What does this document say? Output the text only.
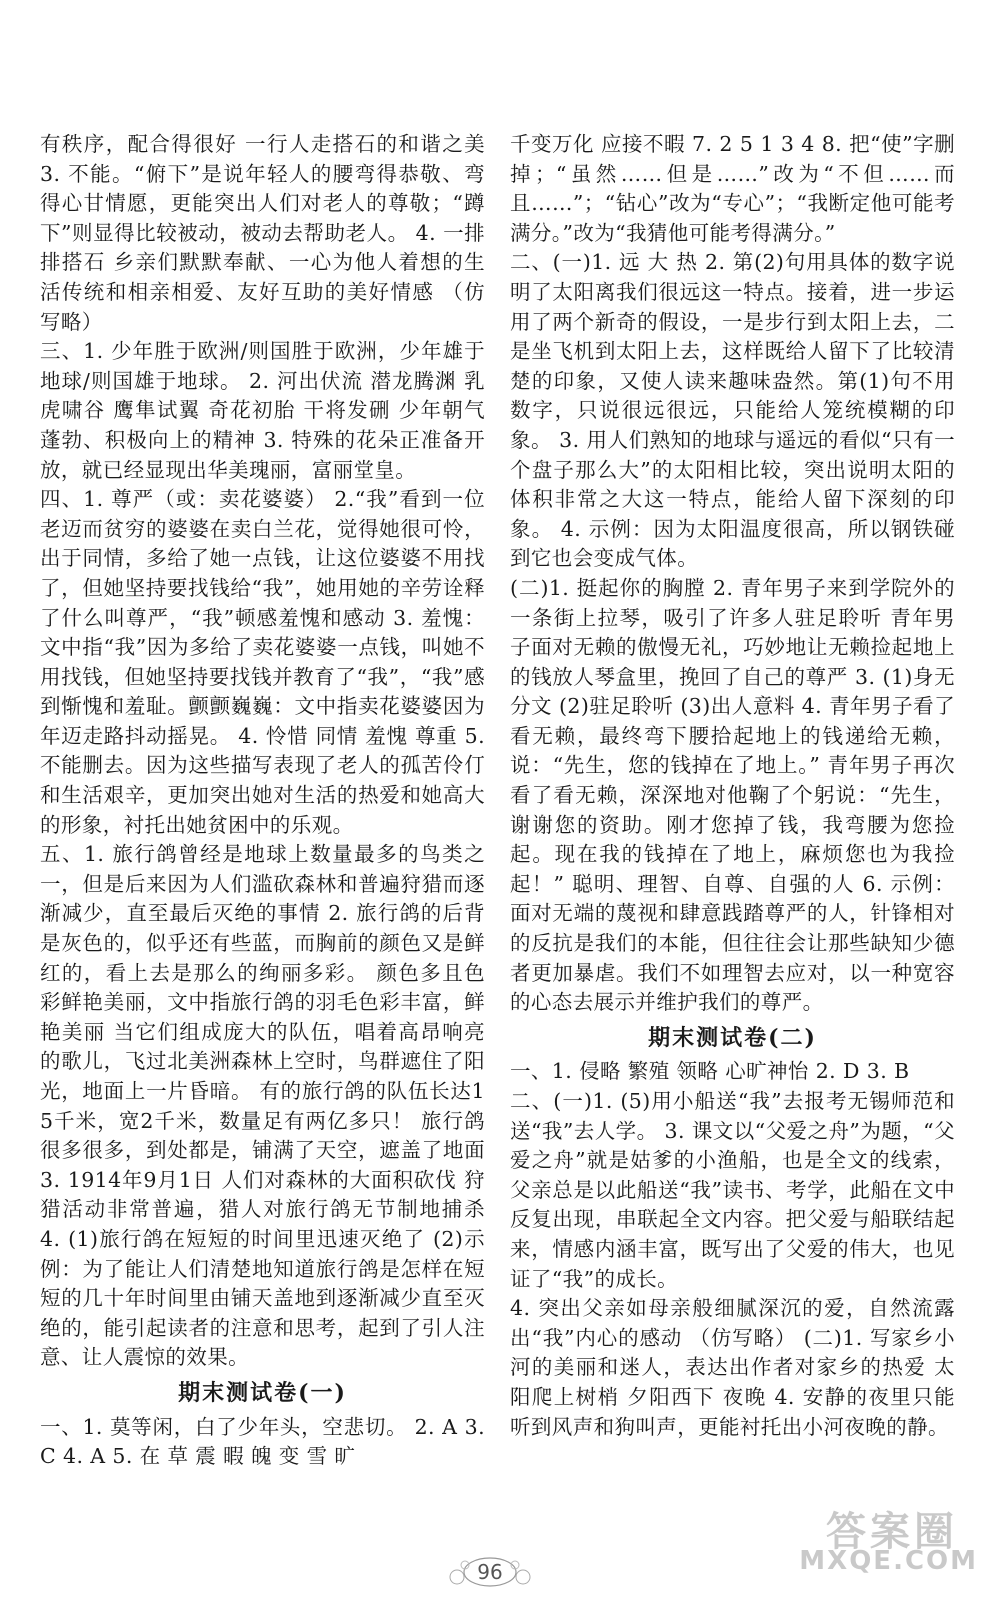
有秩序，配合得很好 一行人走搭石的和谐之美 3. 不能。“俯下”是说年轻人的腰弯得恭敬、弯得心甘情愿，更能突出人们对老人的尊敬；“蹲下”则显得比较被动，被动去帮助老人。 4. 一排排搭石 乡亲们默默奉献、一心为他人着想的生活传统和相亲相爱、友好互助的美好情感 （仿写略）

三、1. 少年胜于欧洲/则国胜于欧洲，少年雄于地球/则国雄于地球。 2. 河出伏流 潜龙腾渊 乳虎啸谷 鹰隼试翼 奇花初胎 干将发硎 少年朝气蓬勃、积极向上的精神 3. 特殊的花朵正准备开放，就已经显现出华美瑰丽，富丽堂皇。

四、1. 尊严（或：卖花婆婆） 2.“我”看到一位老迈而贫穷的婆婆在卖白兰花，觉得她很可怜，出于同情，多给了她一点钱，让这位婆婆不用找了，但她坚持要找钱给“我”，她用她的辛劳诠释了什么叫尊严，“我”顿感羞愧和感动 3. 羞愧：文中指“我”因为多给了卖花婆婆一点钱，叫她不用找钱，但她坚持要找钱并教育了“我”，“我”感到惭愧和羞耻。颤颤巍巍：文中指卖花婆婆因为年迈走路抖动摇晃。 4. 怜惜 同情 羞愧 尊重 5. 不能删去。因为这些描写表现了老人的孤苦伶仃和生活艰辛，更加突出她对生活的热爱和她高大的形象，衬托出她贫困中的乐观。

五、1. 旅行鸽曾经是地球上数量最多的鸟类之一，但是后来因为人们滥砍森林和普遍狩猎而逐渐减少，直至最后灭绝的事情 2. 旅行鸽的后背是灰色的，似乎还有些蓝，而胸前的颜色又是鲜红的，看上去是那么的绚丽多彩。 颜色多且色彩鲜艳美丽，文中指旅行鸽的羽毛色彩丰富，鲜艳美丽 当它们组成庞大的队伍，唱着高昂响亮的歌儿，飞过北美洲森林上空时，鸟群遮住了阳光，地面上一片昏暗。 有的旅行鸽的队伍长达15千米，宽2千米，数量足有两亿多只！ 旅行鸽很多很多，到处都是，铺满了天空，遮盖了地面 3. 1914年9月1日 人们对森林的大面积砍伐 狩猎活动非常普遍，猎人对旅行鸽无节制地捕杀 4. (1)旅行鸽在短短的时间里迅速灭绝了 (2)示例：为了能让人们清楚地知道旅行鸽是怎样在短短的几十年时间里由铺天盖地到逐渐减少直至灭绝的，能引起读者的注意和思考，起到了引人注意、让人震惊的效果。

期末测试卷(一)

一、1. 莫等闲，白了少年头，空悲切。 2. A 3. C 4. A 5. 在 草 震 暇 魄 变 雪 旷

千变万化 应接不暇 7. 2 5 1 3 4 8. 把“使”字删掉；“虽然……但是……”改为“不但……而且……”；“钻心”改为“专心”；“我断定他可能考满分。”改为“我猜他可能考得满分。”

二、(一)1. 远 大 热 2. 第(2)句用具体的数字说明了太阳离我们很远这一特点。接着，进一步运用了两个新奇的假设，一是步行到太阳上去，二是坐飞机到太阳上去，这样既给人留下了比较清楚的印象，又使人读来趣味盎然。第(1)句不用数字，只说很远很远，只能给人笼统模糊的印象。 3. 用人们熟知的地球与遥远的看似“只有一个盘子那么大”的太阳相比较，突出说明太阳的体积非常之大这一特点，能给人留下深刻的印象。 4. 示例：因为太阳温度很高，所以钢铁碰到它也会变成气体。

(二)1. 挺起你的胸膛 2. 青年男子来到学院外的一条街上拉琴，吸引了许多人驻足聆听 青年男子面对无赖的傲慢无礼，巧妙地让无赖捡起地上的钱放人琴盒里，挽回了自己的尊严 3. (1)身无分文 (2)驻足聆听 (3)出人意料 4. 青年男子看了看无赖，最终弯下腰拾起地上的钱递给无赖，说：“先生，您的钱掉在了地上。” 青年男子再次看了看无赖，深深地对他鞠了个躬说：“先生，谢谢您的资助。刚才您掉了钱，我弯腰为您捡起。现在我的钱掉在了地上，麻烦您也为我捡起！” 聪明、理智、自尊、自强的人 6. 示例：面对无端的蔑视和肆意践踏尊严的人，针锋相对的反抗是我们的本能，但往往会让那些缺知少德者更加暴虐。我们不如理智去应对，以一种宽容的心态去展示并维护我们的尊严。

期末测试卷(二)

一、1. 侵略 繁殖 领略 心旷神怡 2. D 3. B

二、(一)1. (5)用小船送“我”去报考无锡师范和送“我”去人学。 3. 课文以“父爱之舟”为题，“父爱之舟”就是姑爹的小渔船，也是全文的线索，父亲总是以此船送“我”读书、考学，此船在文中反复出现，串联起全文内容。把父爱与船联结起来，情感内涵丰富，既写出了父爱的伟大，也见证了“我”的成长。

4. 突出父亲如母亲般细腻深沉的爱，自然流露出“我”内心的感动 （仿写略） (二)1. 写家乡小河的美丽和迷人，表达出作者对家乡的热爱 太阳爬上树梢 夕阳西下 夜晚 4. 安静的夜里只能听到风声和狗叫声，更能衬托出小河夜晚的静。

96
答案圈
MXQE.COM
